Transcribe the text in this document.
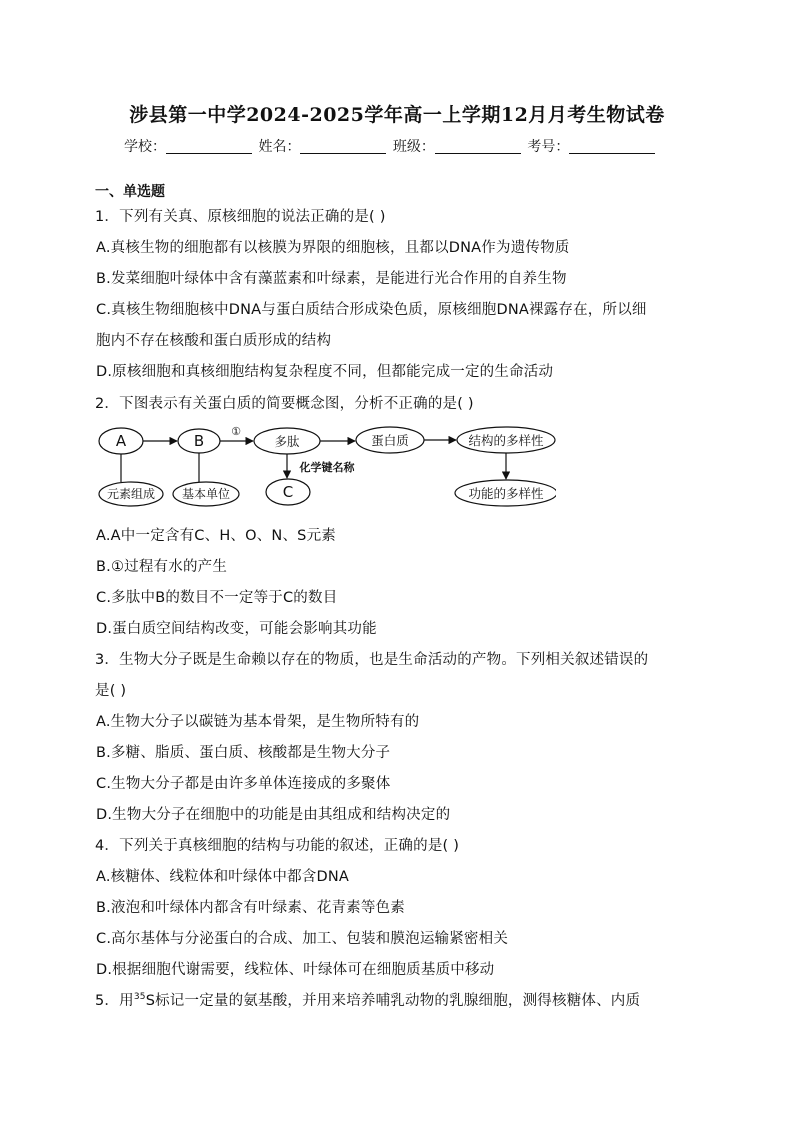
涉县第一中学2024-2025学年高一上学期12月月考生物试卷
学校：	姓名：	班级：	考号：
一、单选题
1．下列有关真、原核细胞的说法正确的是( )
A.真核生物的细胞都有以核膜为界限的细胞核，且都以DNA作为遗传物质
B.发菜细胞叶绿体中含有藻蓝素和叶绿素，是能进行光合作用的自养生物
C.真核生物细胞核中DNA与蛋白质结合形成染色质，原核细胞DNA裸露存在，所以细
胞内不存在核酸和蛋白质形成的结构
D.原核细胞和真核细胞结构复杂程度不同，但都能完成一定的生命活动
2．下图表示有关蛋白质的简要概念图，分析不正确的是( )
A	B	多肽	蛋白质	结构的多样性
元素组成 基本单位	C	功能的多样性
①
化学键名称
A.A中一定含有C、H、O、N、S元素
B.①过程有水的产生
C.多肽中B的数目不一定等于C的数目
D.蛋白质空间结构改变，可能会影响其功能
3．生物大分子既是生命赖以存在的物质，也是生命活动的产物。下列相关叙述错误的
是( )
A.生物大分子以碳链为基本骨架，是生物所特有的
B.多糖、脂质、蛋白质、核酸都是生物大分子
C.生物大分子都是由许多单体连接成的多聚体
D.生物大分子在细胞中的功能是由其组成和结构决定的
4．下列关于真核细胞的结构与功能的叙述，正确的是( )
A.核糖体、线粒体和叶绿体中都含DNA
B.液泡和叶绿体内都含有叶绿素、花青素等色素
C.高尔基体与分泌蛋白的合成、加工、包装和膜泡运输紧密相关
D.根据细胞代谢需要，线粒体、叶绿体可在细胞质基质中移动
5．用$^{35}$S标记一定量的氨基酸，并用来培养哺乳动物的乳腺细胞，测得核糖体、内质
